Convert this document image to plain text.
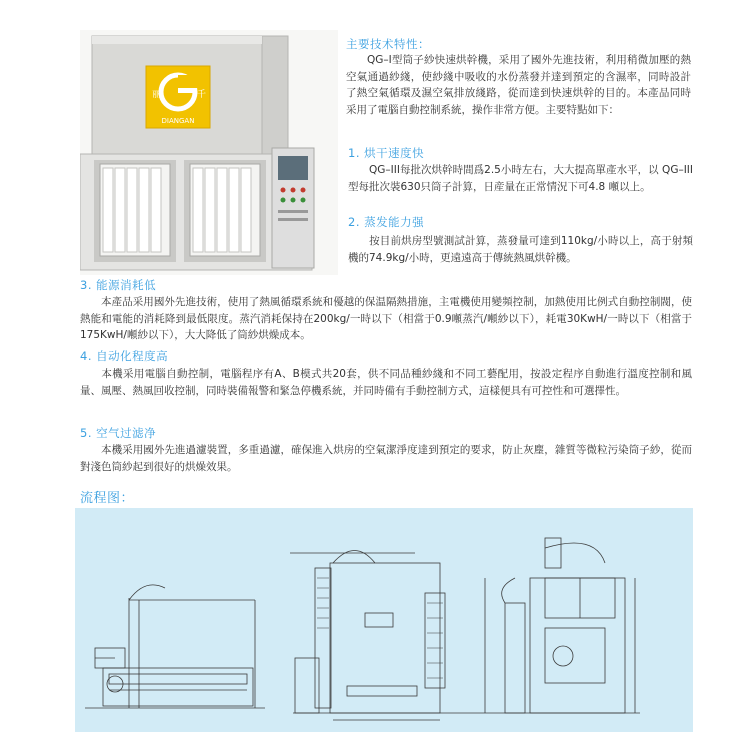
丽	千
DIANGAN
主要技术特性：
QG–I型筒子紗快速烘幹機，采用了國外先進技術，利用稍微加壓的熱空氣通過紗綫，使紗綫中吸收的水份蒸發并達到預定的含濕率，同時設計了熱空氣循環及濕空氣排放綫路，從而達到快速烘幹的目的。本產品同時采用了電腦自動控制系統，操作非常方便。主要特點如下：
1. 烘干速度快
QG–III每批次烘幹時間爲2.5小時左右，大大提高單產水平，以 QG–III型每批次裝630只筒子計算，日産量在正常情況下可4.8 噸以上。
2. 蒸发能力强
按目前烘房型號測試計算，蒸發量可達到110kg/小時以上，高于射頻機的74.9kg/小時，更遠遠高于傳統熱風烘幹機。
3. 能源消耗低
本產品采用國外先進技術，使用了熱風循環系統和優越的保温隔熱措施，主電機使用變頻控制，加熱使用比例式自動控制閥，使熱能和電能的消耗降到最低限度。蒸汽消耗保持在200kg/一時以下（相當于0.9噸蒸汽/噸紗以下），耗電30KwH/一時以下（相當于175KwH/噸紗以下），大大降低了筒紗烘燥成本。
4. 自动化程度高
本機采用電腦自動控制，電腦程序有A、B模式共20套，供不同品種紗綫和不同工藝配用，按設定程序自動進行溫度控制和風量、風壓、熱風回收控制，同時裝備報警和緊急停機系統，并同時備有手動控制方式，這樣便具有可控性和可選擇性。
5. 空气过滤净
本機采用國外先進過濾裝置，多重過濾，確保進入烘房的空氣潔淨度達到預定的要求，防止灰塵，雜質等微粒污染筒子紗，從而對淺色筒紗起到很好的烘燥效果。
流程图：
